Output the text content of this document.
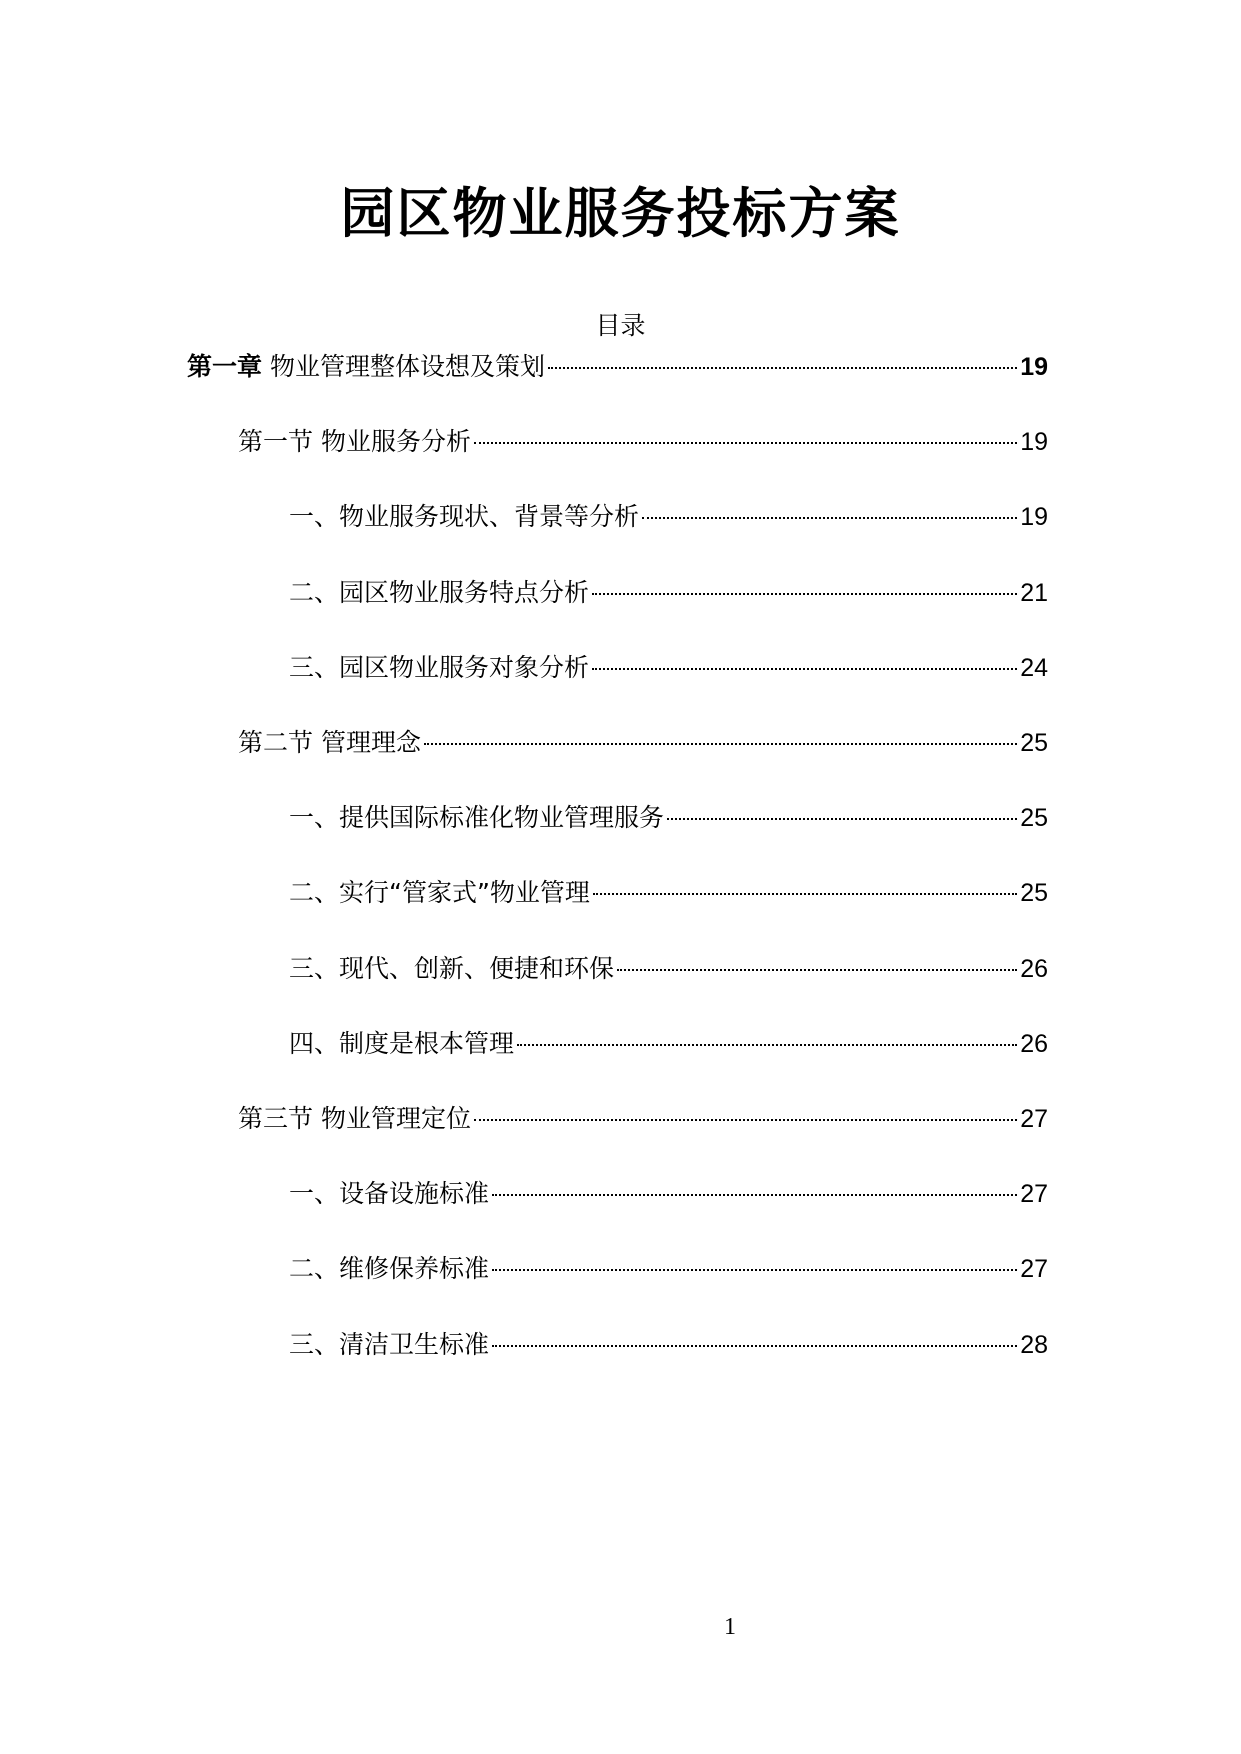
园区物业服务投标方案
目录
第一章 物业管理整体设想及策划	19
第一节 物业服务分析	19
一、物业服务现状、背景等分析	19
二、园区物业服务特点分析	21
三、园区物业服务对象分析	24
第二节 管理理念	25
一、提供国际标准化物业管理服务	25
二、实行“管家式”物业管理	25
三、现代、创新、便捷和环保	26
四、制度是根本管理	26
第三节 物业管理定位	27
一、设备设施标准	27
二、维修保养标准	27
三、清洁卫生标准	28
1
